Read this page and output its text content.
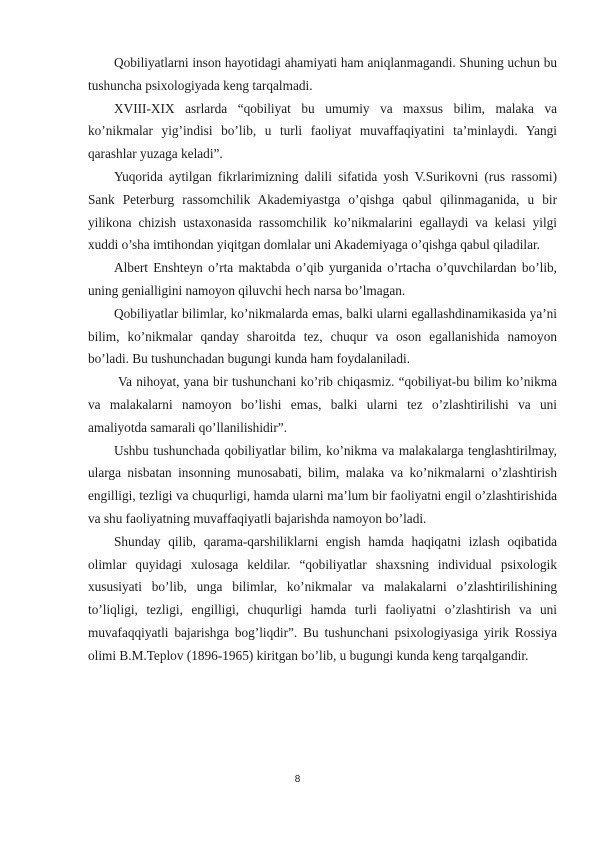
Qobiliyatlarni inson hayotidagi ahamiyati ham aniqlanmagandi. Shuning uchun bu tushuncha psixologiyada keng tarqalmadi.

XVIII-XIX asrlarda “qobiliyat bu umumiy va maxsus bilim, malaka va ko’nikmalar yig’indisi bo’lib, u turli faoliyat muvaffaqiyatini ta’minlaydi. Yangi qarashlar yuzaga keladi”.

Yuqorida aytilgan fikrlarimizning dalili sifatida yosh V.Surikovni (rus rassomi) Sank Peterburg rassomchilik Akademiyastga o’qishga qabul qilinmaganida, u bir yilikona chizish ustaxonasida rassomchilik ko’nikmalarini egallaydi va kelasi yilgi xuddi o’sha imtihondan yiqitgan domlalar uni Akademiyaga o’qishga qabul qiladilar.

Albert Enshteyn o’rta maktabda o’qib yurganida o’rtacha o’quvchilardan bo’lib, uning genialligini namoyon qiluvchi hech narsa bo’lmagan.

Qobiliyatlar bilimlar, ko’nikmalarda emas, balki ularni egallashdinamikasida ya’ni bilim, ko’nikmalar qanday sharoitda tez, chuqur va oson egallanishida namoyon bo’ladi. Bu tushunchadan bugungi kunda ham foydalaniladi.

Va nihoyat, yana bir tushunchani ko’rib chiqasmiz. “qobiliyat-bu bilim ko’nikma va malakalarni namoyon bo’lishi emas, balki ularni tez o’zlashtirilishi va uni amaliyotda samarali qo’llanilishidir”.

Ushbu tushunchada qobiliyatlar bilim, ko’nikma va malakalarga tenglashtirilmay, ularga nisbatan insonning munosabati, bilim, malaka va ko’nikmalarni o’zlashtirish engilligi, tezligi va chuqurligi, hamda ularni ma’lum bir faoliyatni engil o’zlashtirishida va shu faoliyatning muvaffaqiyatli bajarishda namoyon bo’ladi.

Shunday qilib, qarama-qarshiliklarni engish hamda haqiqatni izlash oqibatida olimlar quyidagi xulosaga keldilar. “qobiliyatlar shaxsning individual psixologik xususiyati bo’lib, unga bilimlar, ko’nikmalar va malakalarni o’zlashtirilishining to’liqligi, tezligi, engilligi, chuqurligi hamda turli faoliyatni o’zlashtirish va uni muvafaqqiyatli bajarishga bog’liqdir”. Bu tushunchani psixologiyasiga yirik Rossiya olimi B.M.Teplov (1896-1965) kiritgan bo’lib, u bugungi kunda keng tarqalgandir.

8
